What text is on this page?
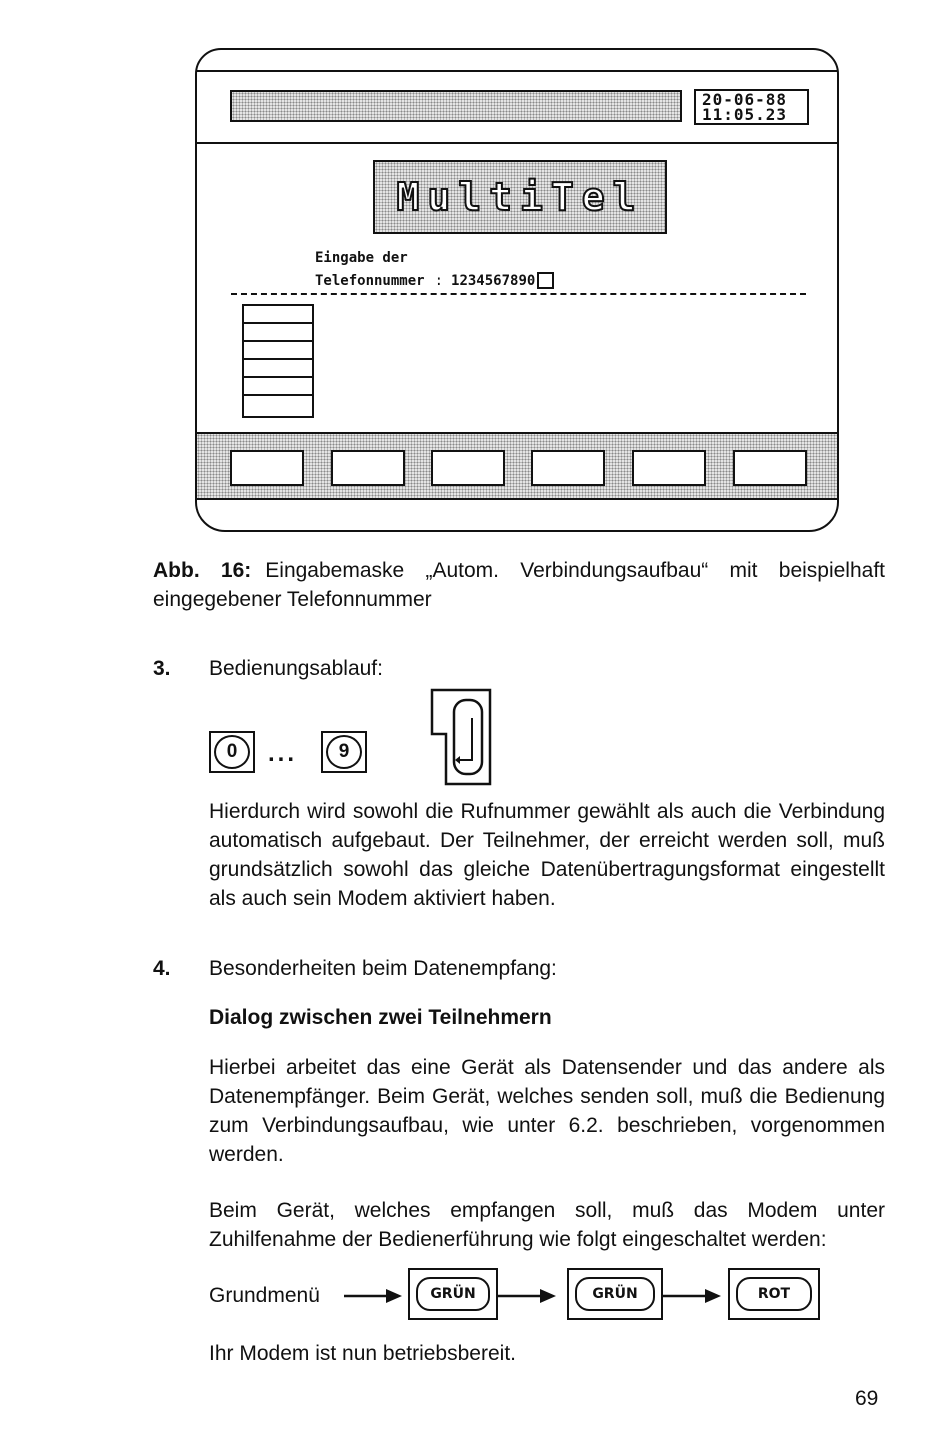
20-06-88
11:05.23
MultiTel
Eingabe der
Telefonnummer : 1234567890
Abb. 16: Eingabemaske „Autom. Verbindungsaufbau“ mit beispielhaft eingegebener Telefonnummer
3. Bedienungsablauf:
0	...	9
Hierdurch wird sowohl die Rufnummer gewählt als auch die Verbindung automatisch aufgebaut. Der Teilnehmer, der erreicht werden soll, muß grundsätzlich sowohl das gleiche Datenübertragungsformat eingestellt als auch sein Modem aktiviert haben.
4. Besonderheiten beim Datenempfang:
Dialog zwischen zwei Teilnehmern
Hierbei arbeitet das eine Gerät als Datensender und das andere als Datenempfänger. Beim Gerät, welches senden soll, muß die Bedienung zum Verbindungsaufbau, wie unter 6.2. beschrieben, vorgenommen werden.
Beim Gerät, welches empfangen soll, muß das Modem unter Zuhilfenahme der Bedienerführung wie folgt eingeschaltet werden:
Grundmenü	GRÜN	GRÜN	ROT
Ihr Modem ist nun betriebsbereit.
69
